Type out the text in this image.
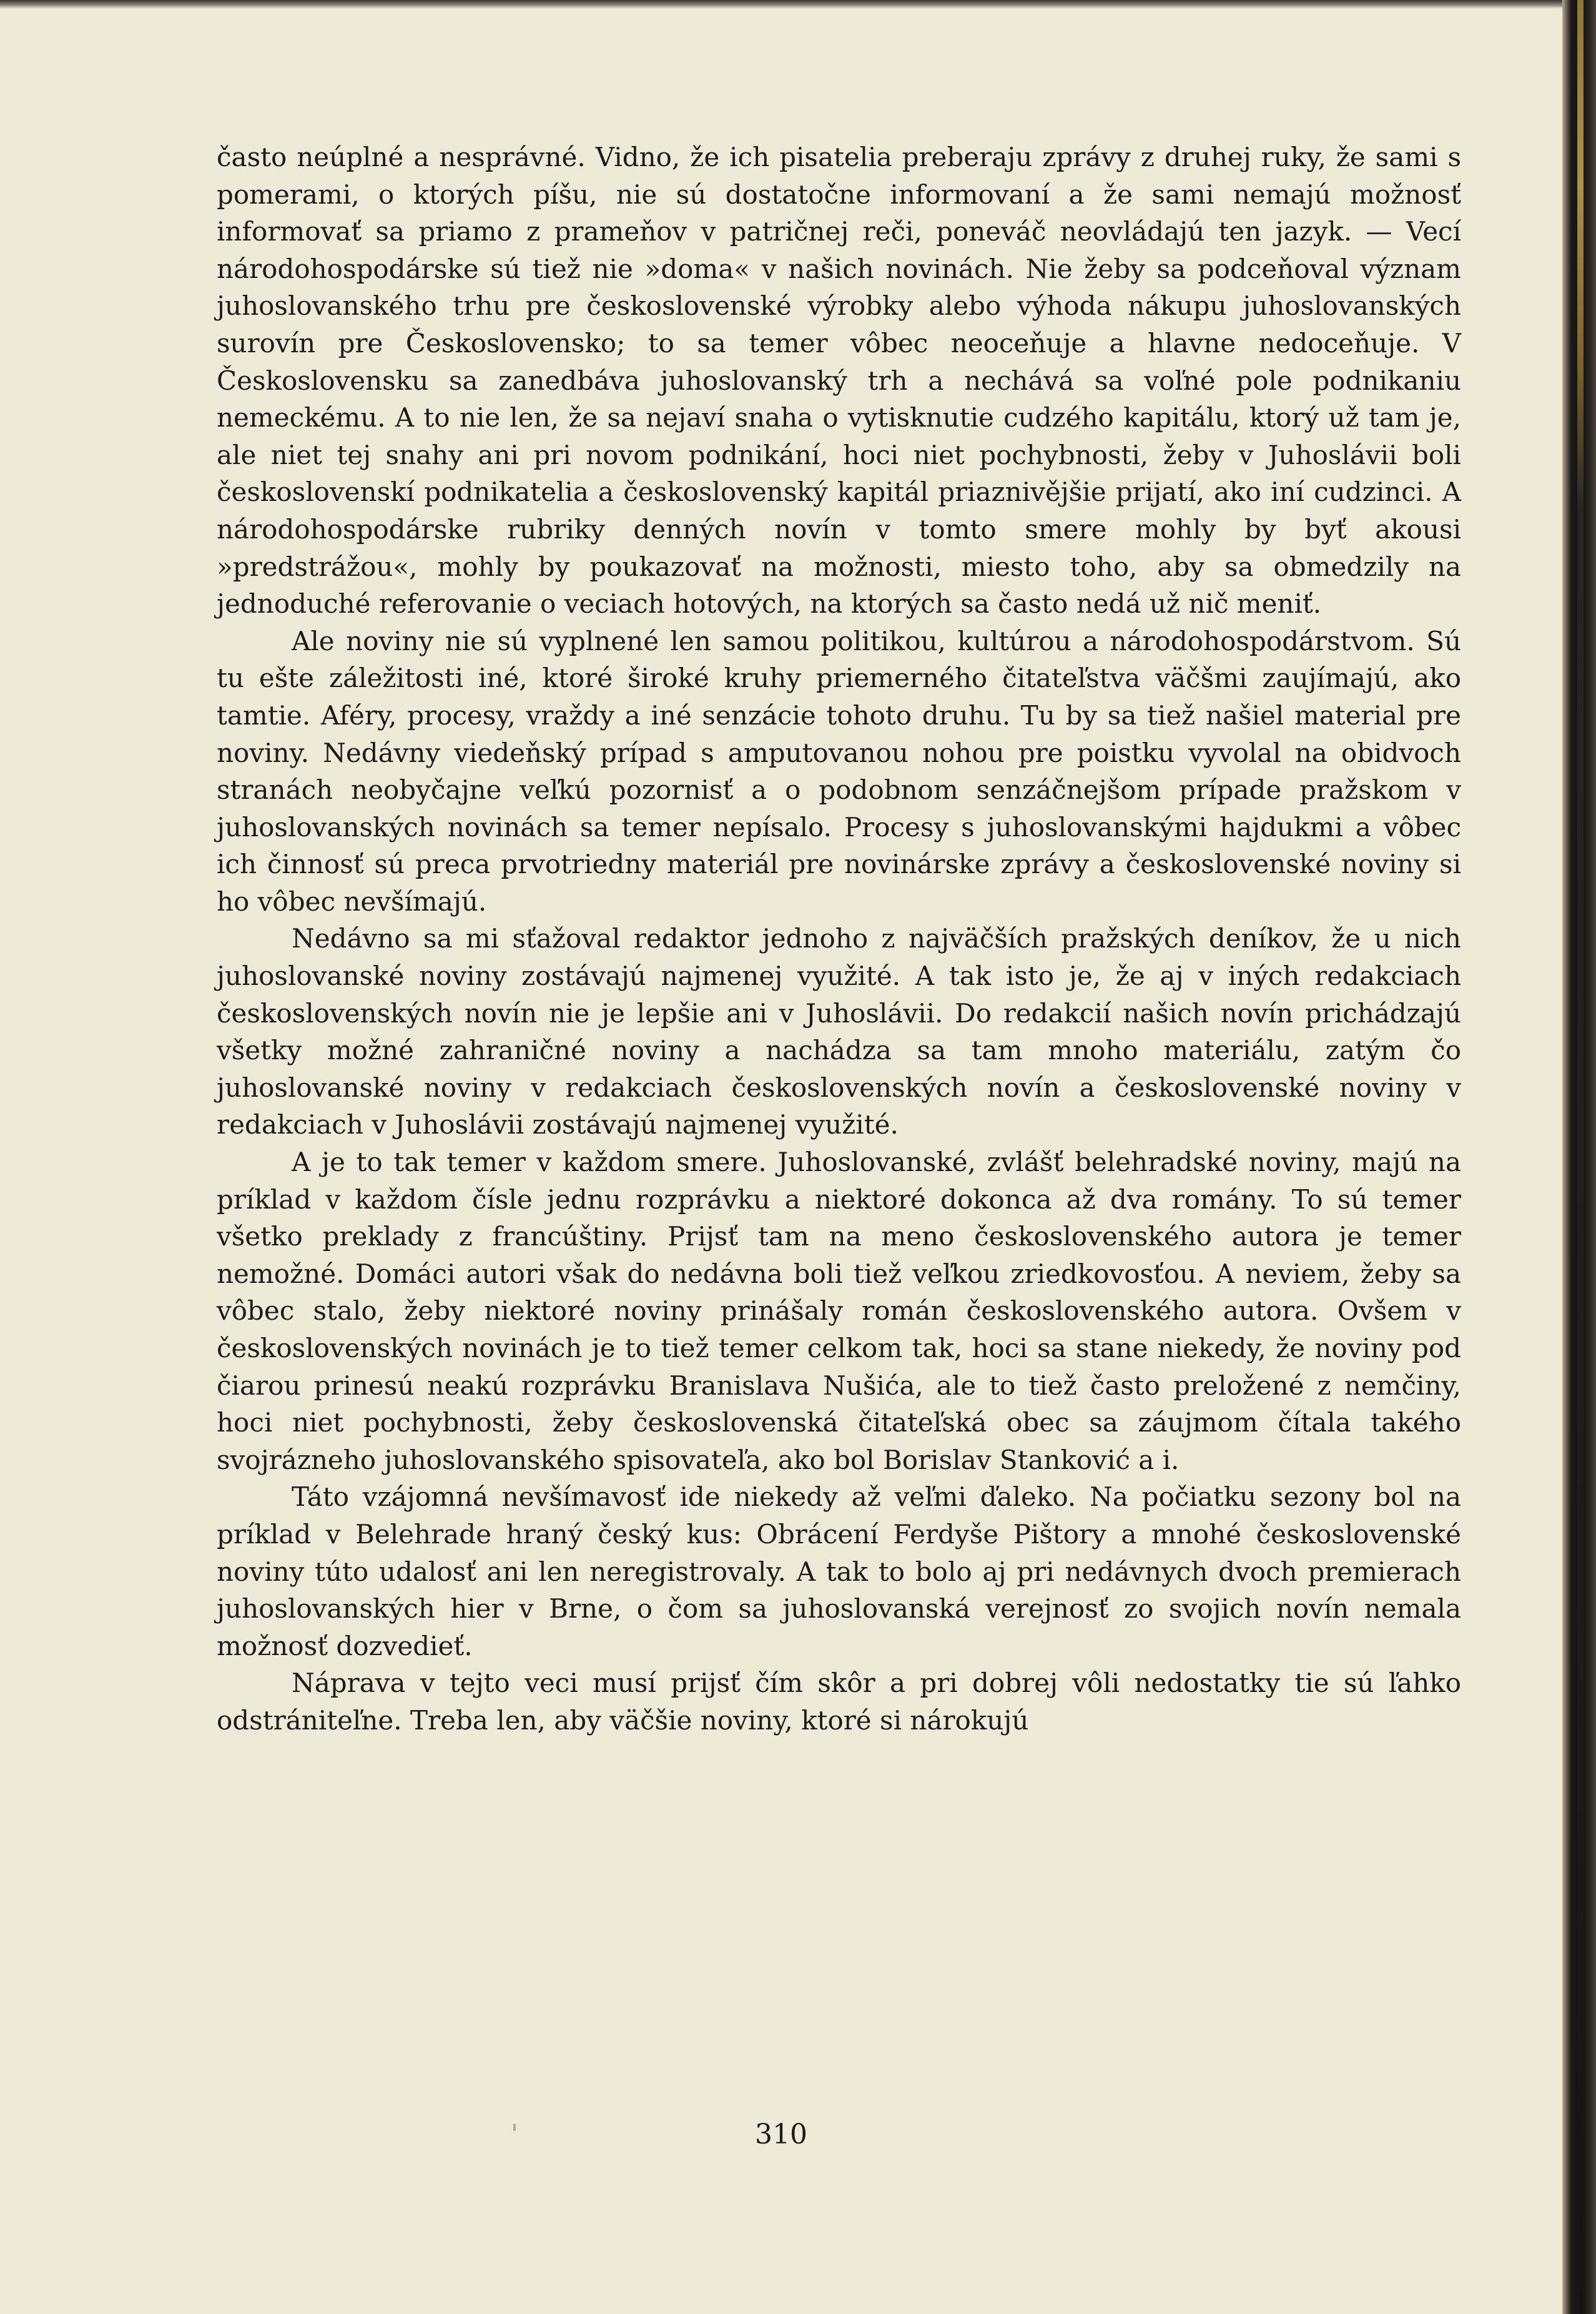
často neúplné a nesprávné. Vidno, že ich pisatelia preberaju zprávy z druhej ruky, že sami s pomerami, o ktorých píšu, nie sú dostatočne informovaní a že sami nemajú možnosť informovať sa priamo z prameňov v patričnej reči, poneváč neovládajú ten jazyk. — Vecí národohospodárske sú tiež nie »doma« v našich novinách. Nie žeby sa podceňoval význam juhoslovanského trhu pre československé výrobky alebo výhoda nákupu juhoslovanských surovín pre Československo; to sa temer vôbec neoceňuje a hlavne nedoceňuje. V Československu sa zanedbáva juhoslovanský trh a nechává sa voľné pole podnikaniu nemeckému. A to nie len, že sa nejaví snaha o vytisknutie cudzého kapitálu, ktorý už tam je, ale niet tej snahy ani pri novom podnikání, hoci niet pochybnosti, žeby v Juhoslávii boli československí podnikatelia a československý kapitál priaznivějšie prijatí, ako iní cudzinci. A národohospodárske rubriky denných novín v tomto smere mohly by byť akousi »predstrážou«, mohly by poukazovať na možnosti, miesto toho, aby sa obmedzily na jednoduché referovanie o veciach hotových, na ktorých sa často nedá už nič meniť.

Ale noviny nie sú vyplnené len samou politikou, kultúrou a národohospodárstvom. Sú tu ešte záležitosti iné, ktoré široké kruhy priemerného čitateľstva väčšmi zaujímajú, ako tamtie. Aféry, procesy, vraždy a iné senzácie tohoto druhu. Tu by sa tiež našiel material pre noviny. Nedávny viedeňský prípad s amputovanou nohou pre poistku vyvolal na obidvoch stranách neobyčajne veľkú pozornisť a o podobnom senzáčnejšom prípade pražskom v juhoslovanských novinách sa temer nepísalo. Procesy s juhoslovanskými hajdukmi a vôbec ich činnosť sú preca prvotriedny materiál pre novinárske zprávy a československé noviny si ho vôbec nevšímajú.

Nedávno sa mi sťažoval redaktor jednoho z najväčších pražských deníkov, že u nich juhoslovanské noviny zostávajú najmenej využité. A tak isto je, že aj v iných redakciach československých novín nie je lepšie ani v Juhoslávii. Do redakcií našich novín prichádzajú všetky možné zahraničné noviny a nachádza sa tam mnoho materiálu, zatým čo juhoslovanské noviny v redakciach československých novín a československé noviny v redakciach v Juhoslávii zostávajú najmenej využité.

A je to tak temer v každom smere. Juhoslovanské, zvlášť belehradské noviny, majú na príklad v každom čísle jednu rozprávku a niektoré dokonca až dva romány. To sú temer všetko preklady z francúštiny. Prijsť tam na meno československého autora je temer nemožné. Domáci autori však do nedávna boli tiež veľkou zriedkovosťou. A neviem, žeby sa vôbec stalo, žeby niektoré noviny prinášaly román československého autora. Ovšem v československých novinách je to tiež temer celkom tak, hoci sa stane niekedy, že noviny pod čiarou prinesú neakú rozprávku Branislava Nušića, ale to tiež často preložené z nemčiny, hoci niet pochybnosti, žeby československá čitateľská obec sa záujmom čítala takého svojrázneho juhoslovanského spisovateľa, ako bol Borislav Stanković a i.

Táto vzájomná nevšímavosť ide niekedy až veľmi ďaleko. Na počiatku sezony bol na príklad v Belehrade hraný český kus: Obrácení Ferdyše Pištory a mnohé československé noviny túto udalosť ani len neregistrovaly. A tak to bolo aj pri nedávnych dvoch premierach juhoslovanských hier v Brne, o čom sa juhoslovanská verejnosť zo svojich novín nemala možnosť dozvedieť.

Náprava v tejto veci musí prijsť čím skôr a pri dobrej vôli nedostatky tie sú ľahko odstrániteľne. Treba len, aby väčšie noviny, ktoré si nárokujú

310
